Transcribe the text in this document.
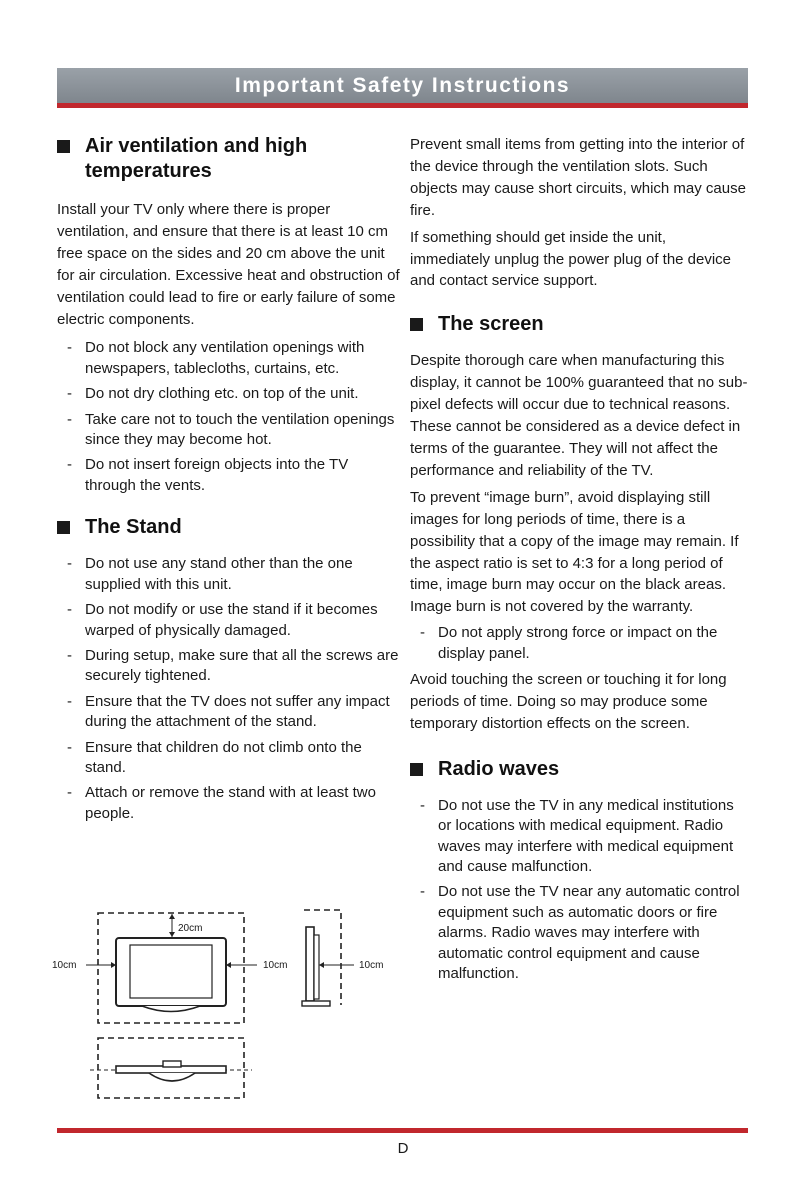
Important Safety Instructions
Air ventilation and high temperatures

Install your TV only where there is proper ventilation, and ensure that there is at least 10 cm free space on the sides and 20 cm above the unit for air circulation. Excessive heat and obstruction of ventilation could lead to fire or early failure of some electric components.

- Do not block any ventilation openings with newspapers, tablecloths, curtains, etc.
- Do not dry clothing etc. on top of the unit.
- Take care not to touch the ventilation openings since they may become hot.
- Do not insert foreign objects into the TV through the vents.
The Stand
- Do not use any stand other than the one supplied with this unit.
- Do not modify or use the stand if it becomes warped of physically damaged.
- During setup, make sure that all the screws are securely tightened.
- Ensure that the TV does not suffer any impact during the attachment of the stand.
- Ensure that children do not climb onto the stand.
- Attach or remove the stand with at least two people.
20cm
10cm	10cm	10cm

Prevent small items from getting into the interior of the device through the ventilation slots. Such objects may cause short circuits, which may cause fire.

If something should get inside the unit, immediately unplug the power plug of the device and contact service support.

The screen

Despite thorough care when manufacturing this display, it cannot be 100% guaranteed that no sub-pixel defects will occur due to technical reasons. These cannot be considered as a device defect in terms of the guarantee. They will not affect the performance and reliability of the TV.

To prevent “image burn”, avoid displaying still images for long periods of time, there is a possibility that a copy of the image may remain. If the aspect ratio is set to 4:3 for a long period of time, image burn may occur on the black areas. Image burn is not covered by the warranty.

- Do not apply strong force or impact on the display panel.

Avoid touching the screen or touching it for long periods of time. Doing so may produce some temporary distortion effects on the screen.

Radio waves
- Do not use the TV in any medical institutions or locations with medical equipment. Radio waves may interfere with medical equipment and cause malfunction.
- Do not use the TV near any automatic control equipment such as automatic doors or fire alarms. Radio waves may interfere with automatic control equipment and cause malfunction.
D
